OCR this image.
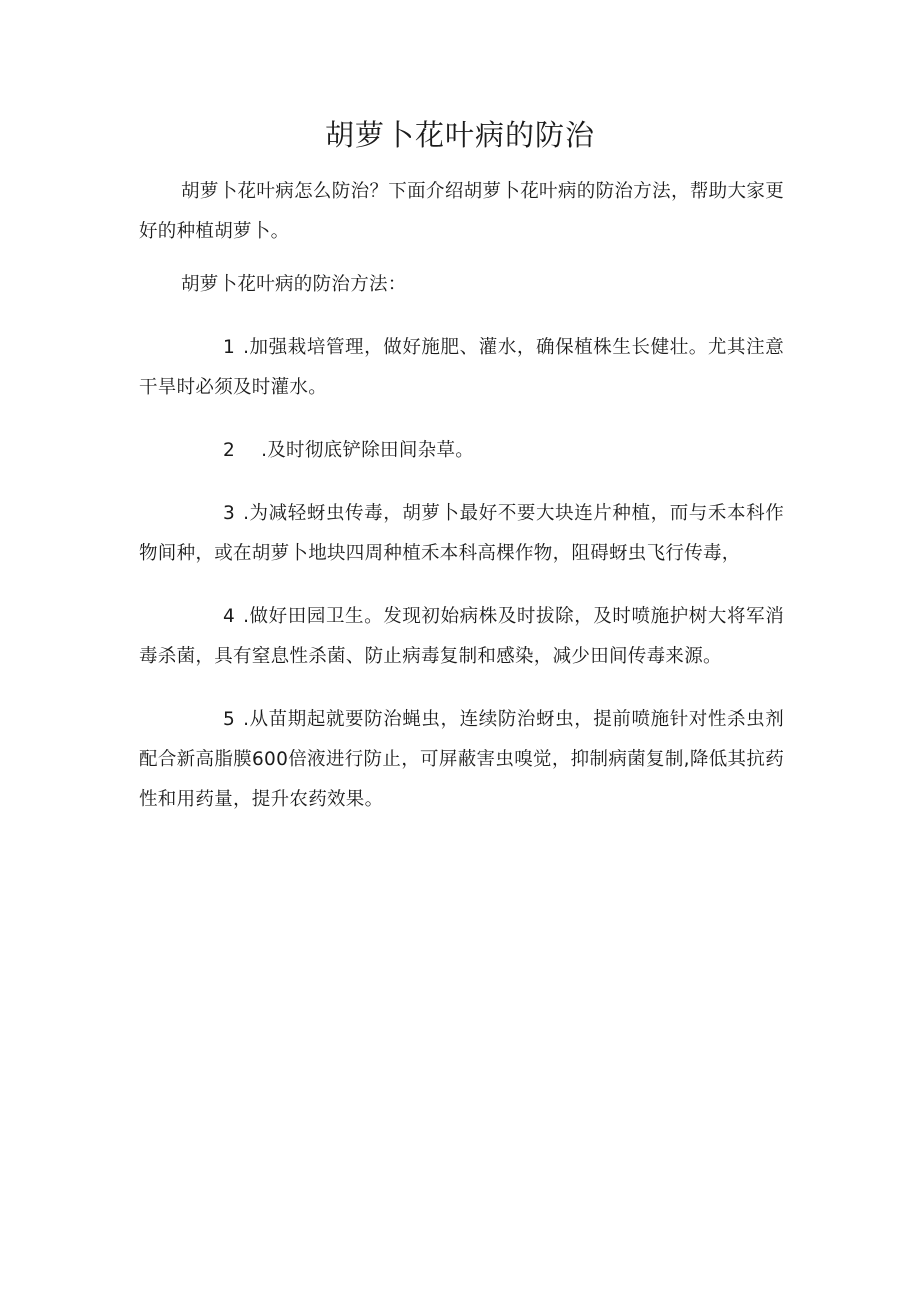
胡萝卜花叶病的防治

胡萝卜花叶病怎么防治？下面介绍胡萝卜花叶病的防治方法，帮助大家更好的种植胡萝卜。

胡萝卜花叶病的防治方法：

1 .加强栽培管理，做好施肥、灌水，确保植株生长健壮。尤其注意干旱时必须及时灌水。

2 .及时彻底铲除田间杂草。

3 .为减轻蚜虫传毒，胡萝卜最好不要大块连片种植，而与禾本科作物间种，或在胡萝卜地块四周种植禾本科高棵作物，阻碍蚜虫飞行传毒，

4 .做好田园卫生。发现初始病株及时拔除，及时喷施护树大将军消毒杀菌，具有窒息性杀菌、防止病毒复制和感染，减少田间传毒来源。

5 .从苗期起就要防治蝇虫，连续防治蚜虫，提前喷施针对性杀虫剂配合新高脂膜600倍液进行防止，可屏蔽害虫嗅觉，抑制病菌复制,降低其抗药性和用药量，提升农药效果。
